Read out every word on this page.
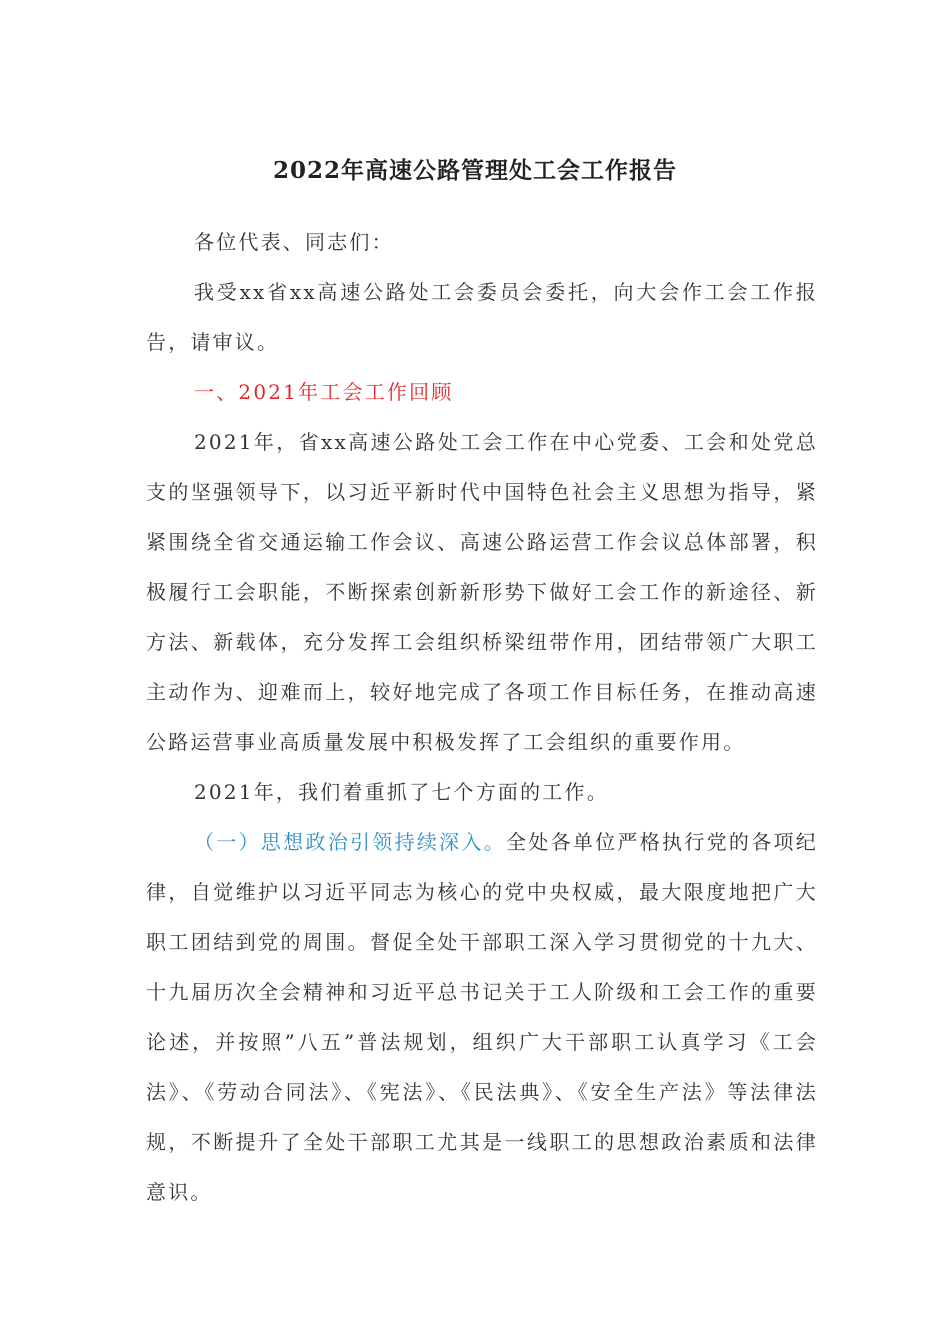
2022年高速公路管理处工会工作报告

各位代表、同志们：

我受xx省xx高速公路处工会委员会委托，向大会作工会工作报告，请审议。

一、2021年工会工作回顾

2021年，省xx高速公路处工会工作在中心党委、工会和处党总支的坚强领导下，以习近平新时代中国特色社会主义思想为指导，紧紧围绕全省交通运输工作会议、高速公路运营工作会议总体部署，积极履行工会职能，不断探索创新新形势下做好工会工作的新途径、新方法、新载体，充分发挥工会组织桥梁纽带作用，团结带领广大职工主动作为、迎难而上，较好地完成了各项工作目标任务，在推动高速公路运营事业高质量发展中积极发挥了工会组织的重要作用。

2021年，我们着重抓了七个方面的工作。

（一）思想政治引领持续深入。全处各单位严格执行党的各项纪律，自觉维护以习近平同志为核心的党中央权威，最大限度地把广大职工团结到党的周围。督促全处干部职工深入学习贯彻党的十九大、十九届历次全会精神和习近平总书记关于工人阶级和工会工作的重要论述，并按照”八五”普法规划，组织广大干部职工认真学习《工会法》、《劳动合同法》、《宪法》、《民法典》、《安全生产法》等法律法规，不断提升了全处干部职工尤其是一线职工的思想政治素质和法律意识。
